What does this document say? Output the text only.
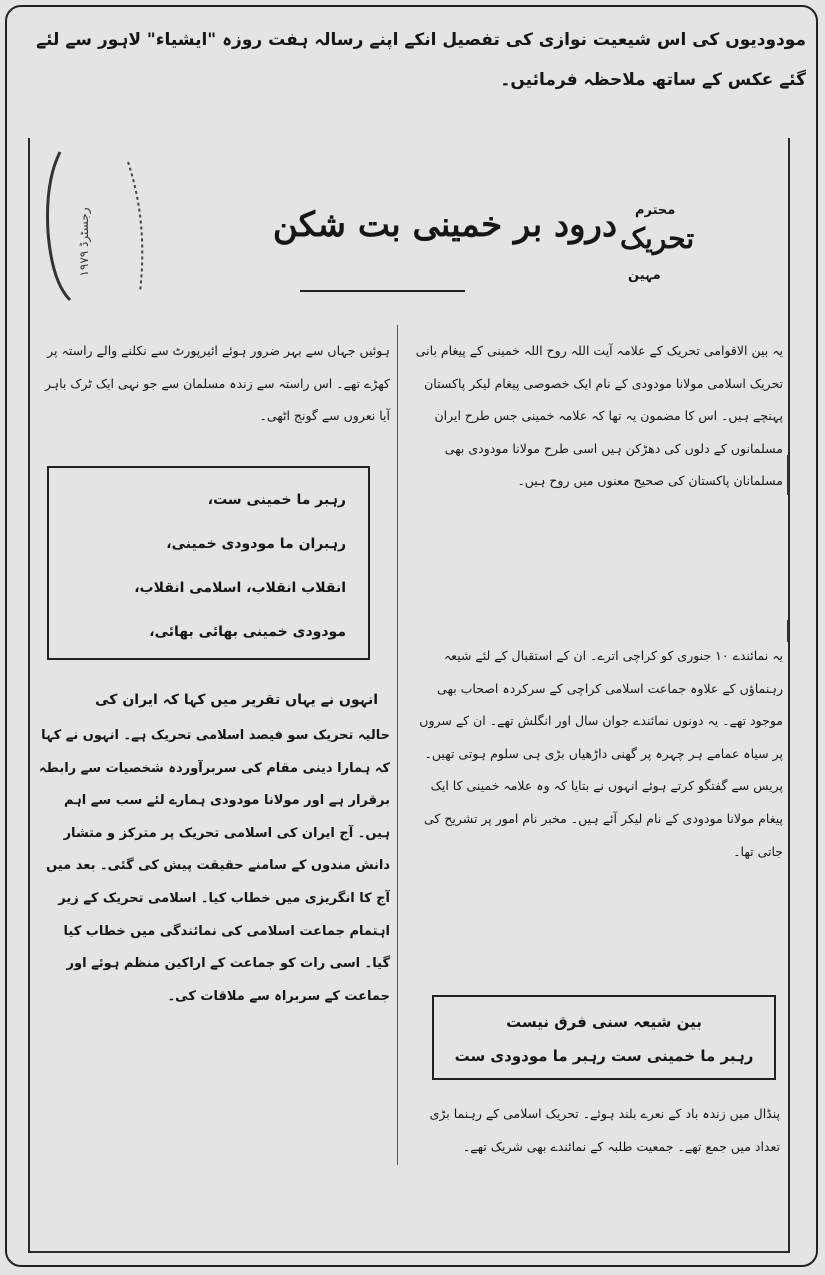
مودودیوں کی اس شیعیت نوازی کی تفصیل انکے اپنے رسالہ ہفت روزہ "ایشیاء" لاہور سے لئے گئے عکس کے ساتھ ملاحظہ فرمائیں۔
رجسٹرڈ ۱۹۷۹	محترم
تحریک
مہین
درود بر خمینی بت شکن
یہ بین الاقوامی تحریک کے علامہ آیت اللہ روح اللہ خمینی کے پیغام بانی تحریک اسلامی مولانا مودودی کے نام ایک خصوصی پیغام لیکر پاکستان پہنچے ہیں۔ اس کا مضمون یہ تھا کہ علامہ خمینی جس طرح ایران مسلمانوں کے دلوں کی دھڑکن ہیں اسی طرح مولانا مودودی بھی مسلمانان پاکستان کی صحیح معنوں میں روح ہیں۔
یہ نمائندے ۱۰ جنوری کو کراچی اترے۔ ان کے استقبال کے لئے شیعہ رہنماؤں کے علاوہ جماعت اسلامی کراچی کے سرکردہ اصحاب بھی موجود تھے۔ یہ دونوں نمائندے جوان سال اور انگلش تھے۔ ان کے سروں پر سیاہ عمامے ہر چہرہ پر گھنی داڑھیاں بڑی ہی سلوم ہوتی تھیں۔ پریس سے گفتگو کرتے ہوئے انہوں نے بتایا کہ وہ علامہ خمینی کا ایک پیغام مولانا مودودی کے نام لیکر آئے ہیں۔ مخبر نام امور پر تشریح کی جاتی تھا۔
بین شیعہ سنی فرق نیست
رہبر ما خمینی ست رہبر ما مودودی ست
پنڈال میں زندہ باد کے نعرے بلند ہوئے۔ تحریک اسلامی کے رہنما بڑی تعداد میں جمع تھے۔ جمعیت طلبہ کے نمائندے بھی شریک تھے۔
ہوئیں جہاں سے بہر ضرور ہوئے ائیرپورٹ سے نکلنے والے راستہ پر کھڑے تھے۔ اس راستہ سے زندہ مسلمان سے جو نہی ایک ٹرک باہر آیا نعروں سے گونج اٹھی۔
رہبر ما خمینی ست،
رہبران ما مودودی خمینی،
انقلاب انقلاب، اسلامی انقلاب،
مودودی خمینی بھائی بھائی،
انہوں نے یہاں تقریر میں کہا کہ ایران کی
حالیہ تحریک سو فیصد اسلامی تحریک ہے۔ انہوں نے کہا کہ ہمارا دینی مقام کی سربرآوردہ شخصیات سے رابطہ برقرار ہے اور مولانا مودودی ہمارے لئے سب سے اہم ہیں۔ آج ایران کی اسلامی تحریک پر مترکز و متشار دانش مندوں کے سامنے حقیقت پیش کی گئی۔ بعد میں آج کا انگریزی میں خطاب کیا۔ اسلامی تحریک کے زیر اہتمام جماعت اسلامی کی نمائندگی میں خطاب کیا گیا۔ اسی رات کو جماعت کے اراکین منظم ہوئے اور جماعت کے سربراہ سے ملاقات کی۔
